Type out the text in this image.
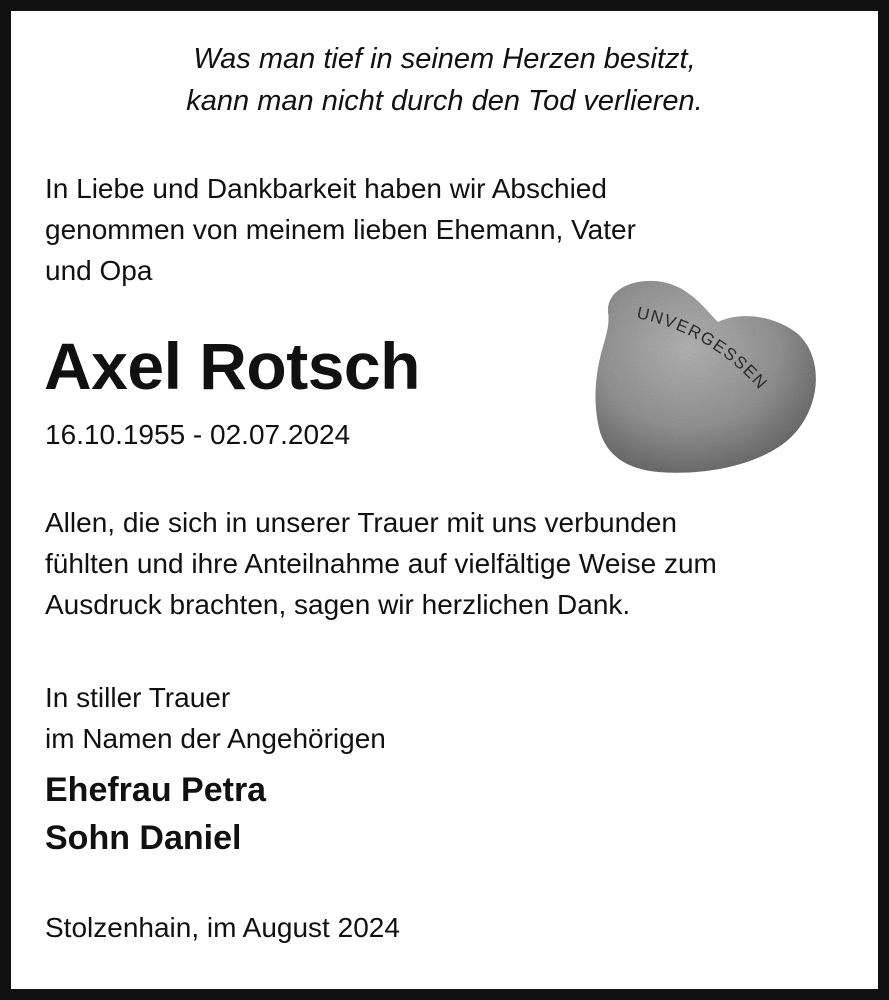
Was man tief in seinem Herzen besitzt,
kann man nicht durch den Tod verlieren.
In Liebe und Dankbarkeit haben wir Abschied
genommen von meinem lieben Ehemann, Vater
und Opa
Axel Rotsch
16.10.1955 - 02.07.2024
UNVERGESSEN
Allen, die sich in unserer Trauer mit uns verbunden
fühlten und ihre Anteilnahme auf vielfältige Weise zum
Ausdruck brachten, sagen wir herzlichen Dank.
In stiller Trauer
im Namen der Angehörigen
Ehefrau Petra
Sohn Daniel
Stolzenhain, im August 2024
